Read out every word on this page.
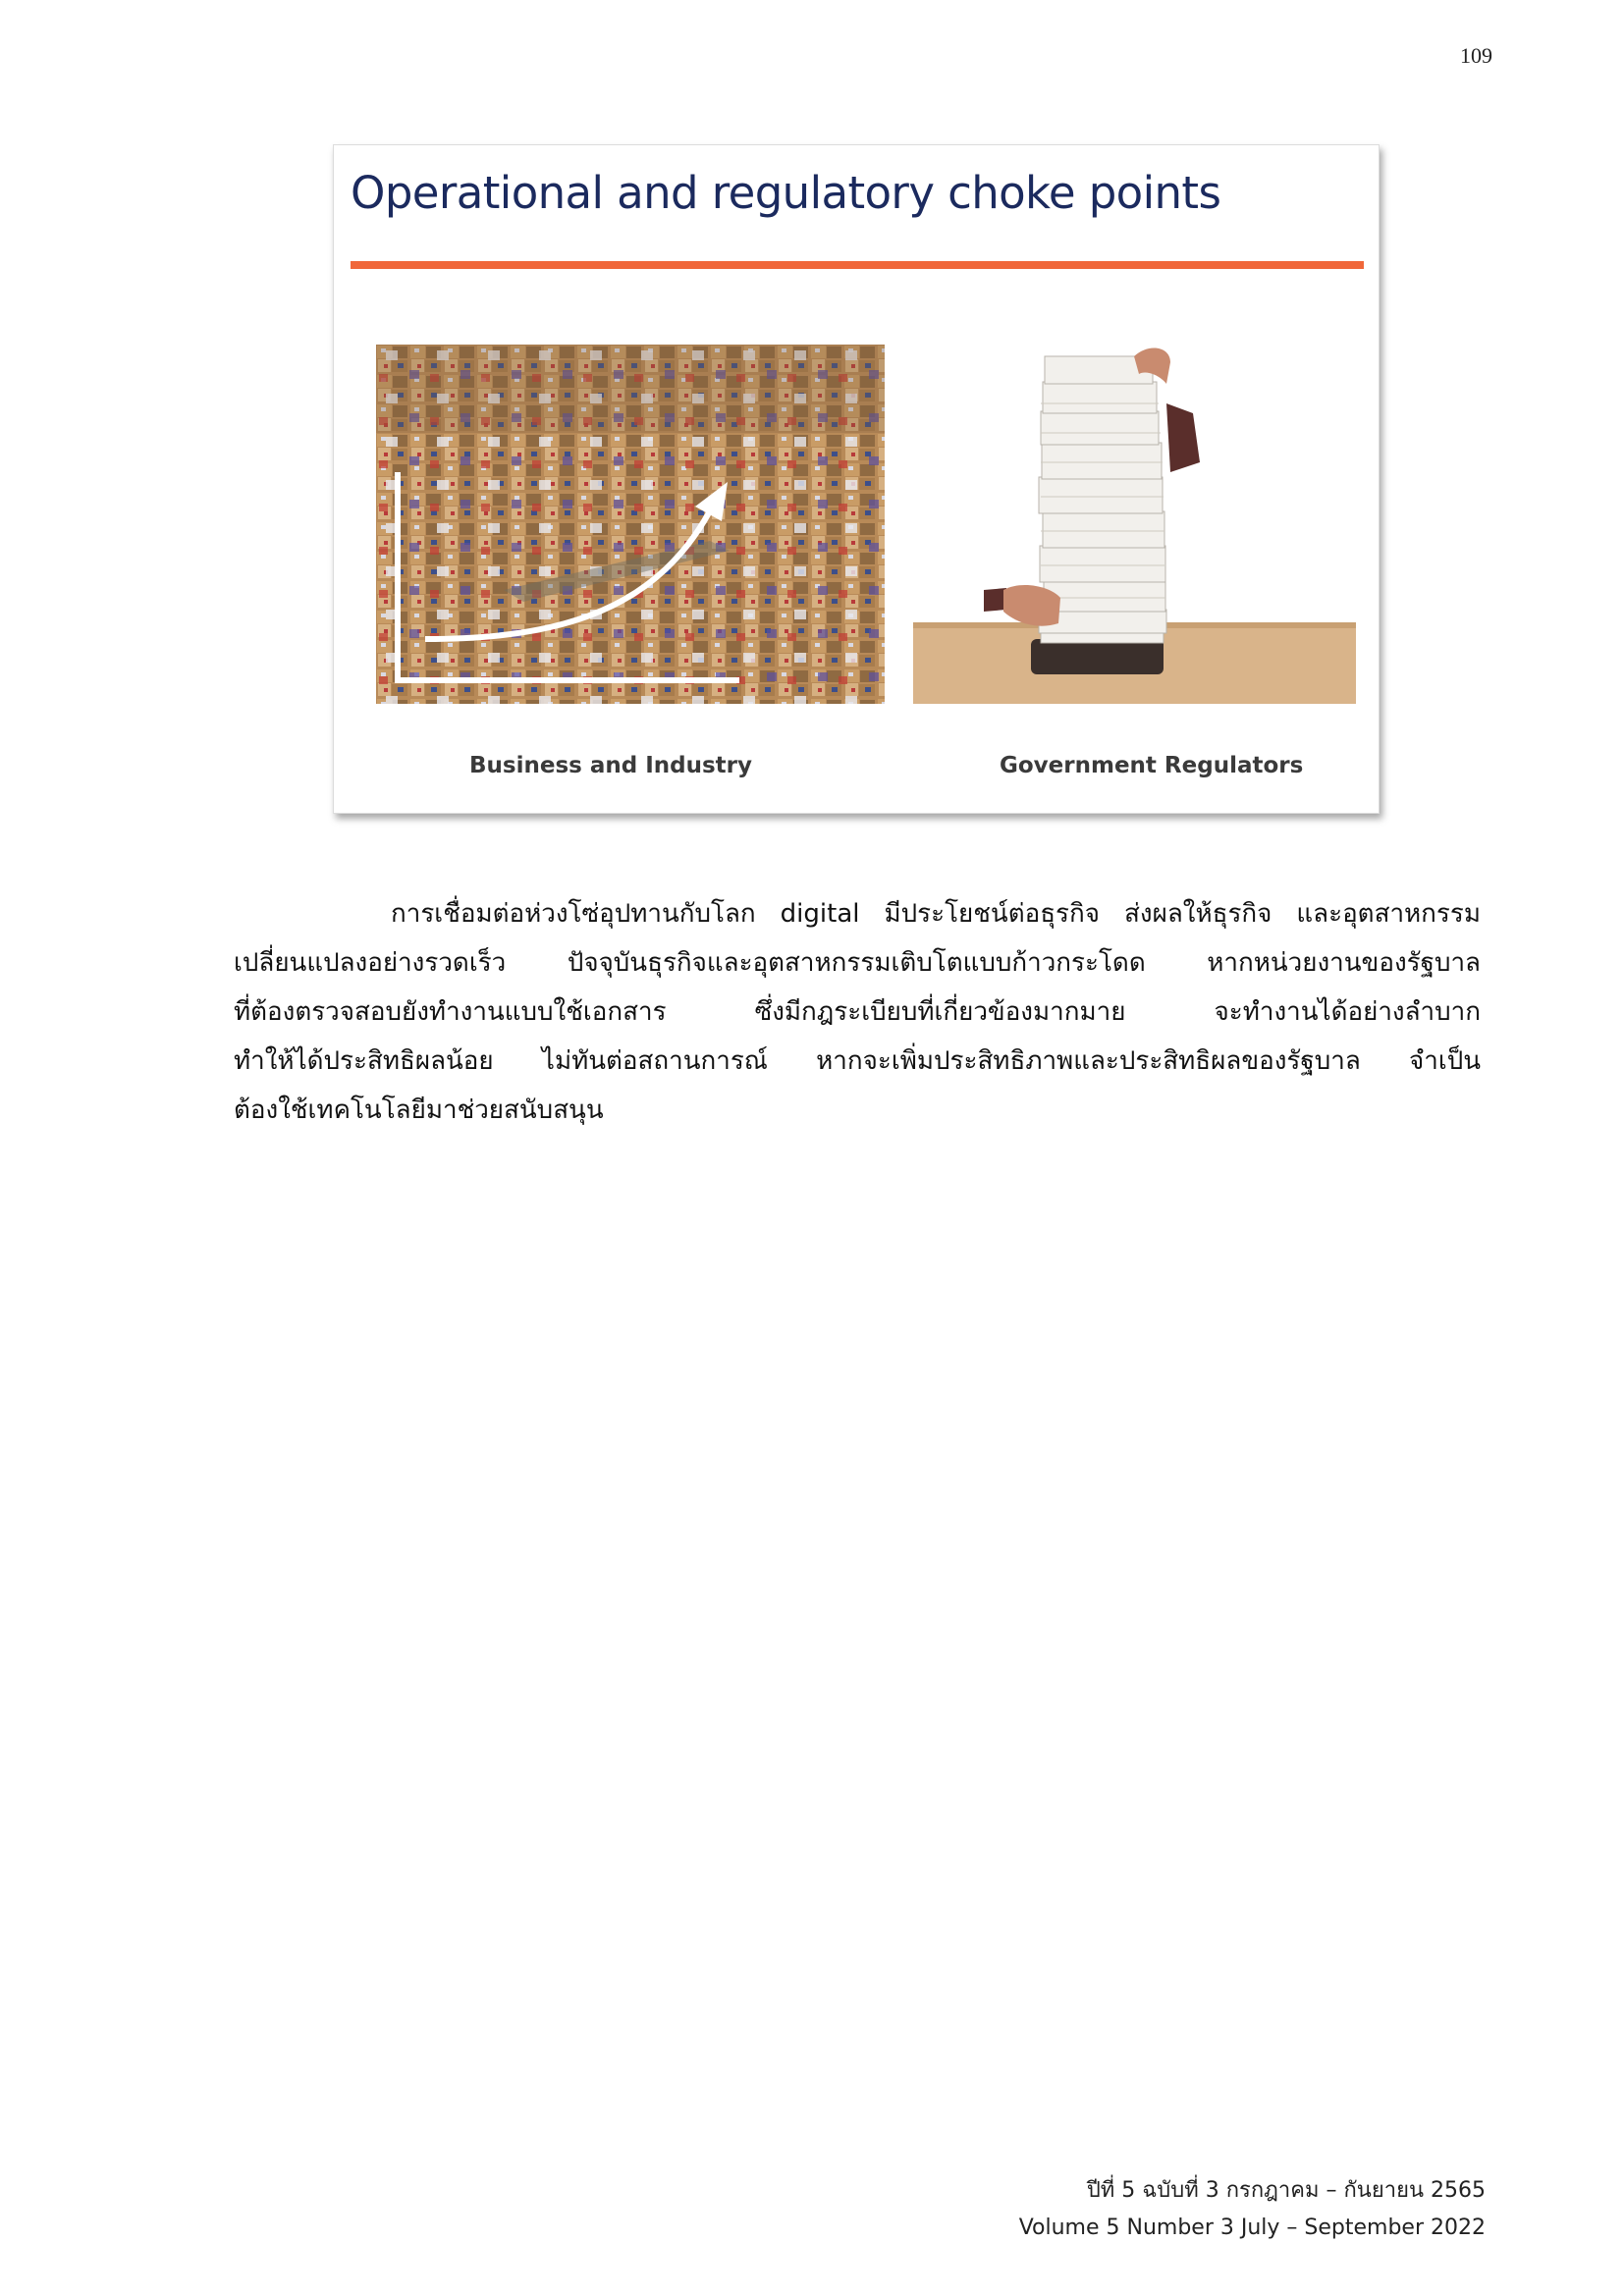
109
Operational and regulatory choke points
Business and Industry	Government Regulators

การเชื่อมต่อห่วงโซ่อุปทานกับโลก digital มีประโยชน์ต่อธุรกิจ ส่งผลให้ธุรกิจ และอุตสาหกรรม
เปลี่ยนแปลงอย่างรวดเร็ว ปัจจุบันธุรกิจและอุตสาหกรรมเติบโตแบบก้าวกระโดด หากหน่วยงานของรัฐบาล
ที่ต้องตรวจสอบยังทำงานแบบใช้เอกสาร ซึ่งมีกฎระเบียบที่เกี่ยวข้องมากมาย จะทำงานได้อย่างลำบาก
ทำให้ได้ประสิทธิผลน้อย ไม่ทันต่อสถานการณ์ หากจะเพิ่มประสิทธิภาพและประสิทธิผลของรัฐบาล จำเป็น
ต้องใช้เทคโนโลยีมาช่วยสนับสนุน

ปีที่ 5 ฉบับที่ 3 กรกฎาคม – กันยายน 2565
Volume 5 Number 3 July – September 2022
